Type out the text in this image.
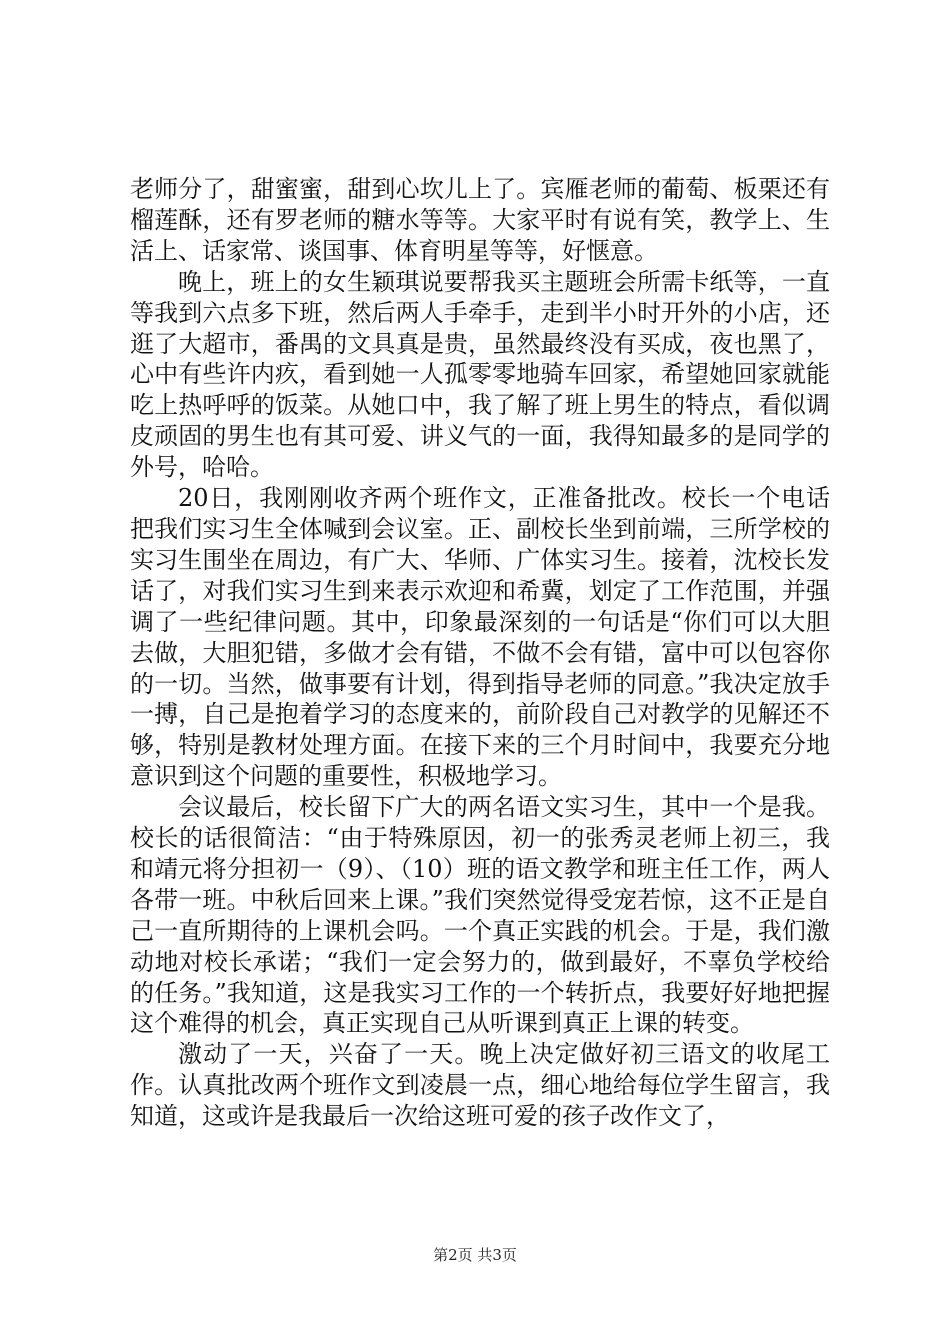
老师分了，甜蜜蜜，甜到心坎儿上了。宾雁老师的葡萄、板栗还有榴莲酥，还有罗老师的糖水等等。大家平时有说有笑，教学上、生活上、话家常、谈国事、体育明星等等，好惬意。

晚上，班上的女生颖琪说要帮我买主题班会所需卡纸等，一直等我到六点多下班，然后两人手牵手，走到半小时开外的小店，还逛了大超市，番禺的文具真是贵，虽然最终没有买成，夜也黑了，心中有些许内疚，看到她一人孤零零地骑车回家，希望她回家就能吃上热呼呼的饭菜。从她口中，我了解了班上男生的特点，看似调皮顽固的男生也有其可爱、讲义气的一面，我得知最多的是同学的外号，哈哈。

20日，我刚刚收齐两个班作文，正准备批改。校长一个电话把我们实习生全体喊到会议室。正、副校长坐到前端，三所学校的实习生围坐在周边，有广大、华师、广体实习生。接着，沈校长发话了，对我们实习生到来表示欢迎和希冀，划定了工作范围，并强调了一些纪律问题。其中，印象最深刻的一句话是“你们可以大胆去做，大胆犯错，多做才会有错，不做不会有错，富中可以包容你的一切。当然，做事要有计划，得到指导老师的同意。”我决定放手一搏，自己是抱着学习的态度来的，前阶段自己对教学的见解还不够，特别是教材处理方面。在接下来的三个月时间中，我要充分地意识到这个问题的重要性，积极地学习。

会议最后，校长留下广大的两名语文实习生，其中一个是我。校长的话很简洁：“由于特殊原因，初一的张秀灵老师上初三，我和靖元将分担初一（9）、（10）班的语文教学和班主任工作，两人各带一班。中秋后回来上课。”我们突然觉得受宠若惊，这不正是自己一直所期待的上课机会吗。一个真正实践的机会。于是，我们激动地对校长承诺；“我们一定会努力的，做到最好，不辜负学校给的任务。”我知道，这是我实习工作的一个转折点，我要好好地把握这个难得的机会，真正实现自己从听课到真正上课的转变。

激动了一天，兴奋了一天。晚上决定做好初三语文的收尾工作。认真批改两个班作文到凌晨一点，细心地给每位学生留言，我知道，这或许是我最后一次给这班可爱的孩子改作文了，

第2页 共3页
